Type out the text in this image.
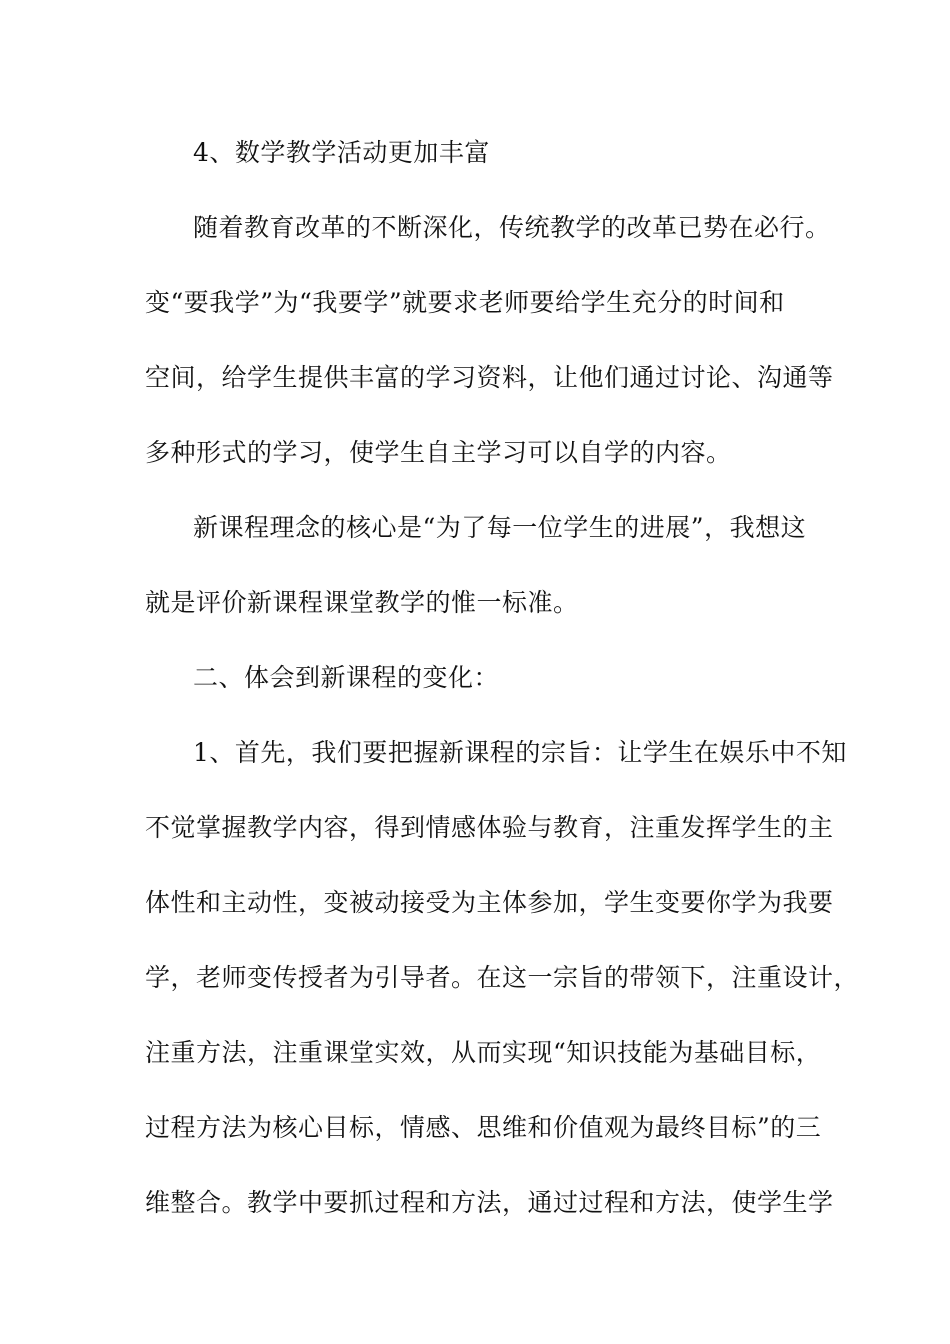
4、数学教学活动更加丰富
随着教育改革的不断深化，传统教学的改革已势在必行。
变“要我学”为“我要学”就要求老师要给学生充分的时间和
空间，给学生提供丰富的学习资料，让他们通过讨论、沟通等
多种形式的学习，使学生自主学习可以自学的内容。
新课程理念的核心是“为了每一位学生的进展”，我想这
就是评价新课程课堂教学的惟一标准。
二、体会到新课程的变化：
1、首先，我们要把握新课程的宗旨：让学生在娱乐中不知
不觉掌握教学内容，得到情感体验与教育，注重发挥学生的主
体性和主动性，变被动接受为主体参加，学生变要你学为我要
学，老师变传授者为引导者。在这一宗旨的带领下，注重设计，
注重方法，注重课堂实效，从而实现“知识技能为基础目标，
过程方法为核心目标，情感、思维和价值观为最终目标”的三
维整合。教学中要抓过程和方法，通过过程和方法，使学生学
